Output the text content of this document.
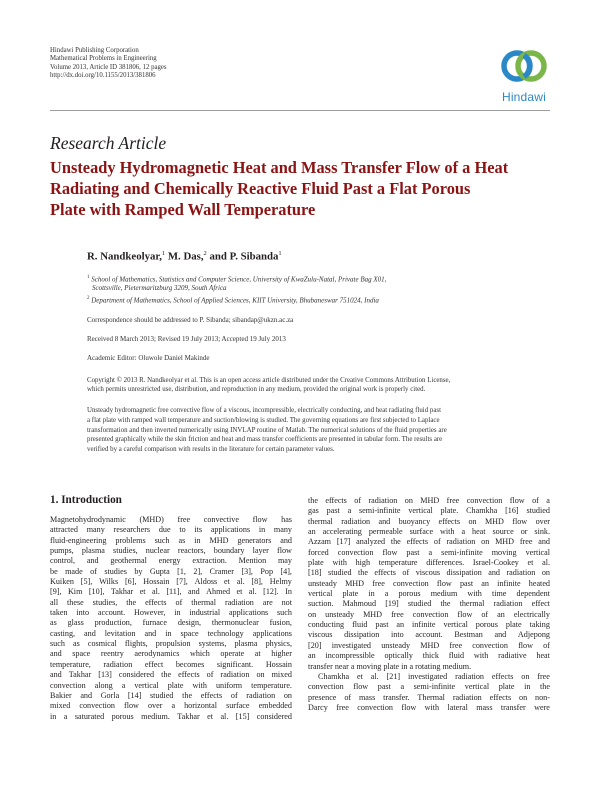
Hindawi Publishing Corporation
Mathematical Problems in Engineering
Volume 2013, Article ID 381806, 12 pages
http://dx.doi.org/10.1155/2013/381806
Hindawi
Research Article
Unsteady Hydromagnetic Heat and Mass Transfer Flow of a Heat
Radiating and Chemically Reactive Fluid Past a Flat Porous
Plate with Ramped Wall Temperature
R. Nandkeolyar,$^1$ M. Das,$^2$ and P. Sibanda$^1$
$^1$ School of Mathematics, Statistics and Computer Science, University of KwaZulu-Natal, Private Bag X01,
Scottsville, Pietermaritzburg 3209, South Africa
$^2$ Department of Mathematics, School of Applied Sciences, KIIT University, Bhubaneswar 751024, India
Correspondence should be addressed to P. Sibanda; sibandap@ukzn.ac.za
Received 8 March 2013; Revised 19 July 2013; Accepted 19 July 2013
Academic Editor: Oluwole Daniel Makinde
Copyright © 2013 R. Nandkeolyar et al. This is an open access article distributed under the Creative Commons Attribution License,
which permits unrestricted use, distribution, and reproduction in any medium, provided the original work is properly cited.
Unsteady hydromagnetic free convective flow of a viscous, incompressible, electrically conducting, and heat radiating fluid past
a flat plate with ramped wall temperature and suction/blowing is studied. The governing equations are first subjected to Laplace
transformation and then inverted numerically using INVLAP routine of Matlab. The numerical solutions of the fluid properties are
presented graphically while the skin friction and heat and mass transfer coefficients are presented in tabular form. The results are
verified by a careful comparison with results in the literature for certain parameter values.
1. Introduction
Magnetohydrodynamic (MHD) free convective flow has
attracted many researchers due to its applications in many
fluid-engineering problems such as in MHD generators and
pumps, plasma studies, nuclear reactors, boundary layer flow
control, and geothermal energy extraction. Mention may
be made of studies by Gupta [1, 2], Cramer [3], Pop [4],
Kuiken [5], Wilks [6], Hossain [7], Aldoss et al. [8], Helmy
[9], Kim [10], Takhar et al. [11], and Ahmed et al. [12]. In
all these studies, the effects of thermal radiation are not
taken into account. However, in industrial applications such
as glass production, furnace design, thermonuclear fusion,
casting, and levitation and in space technology applications
such as cosmical flights, propulsion systems, plasma physics,
and space reentry aerodynamics which operate at higher
temperature, radiation effect becomes significant. Hossain
and Takhar [13] considered the effects of radiation on mixed
convection along a vertical plate with uniform temperature.
Bakier and Gorla [14] studied the effects of radiation on
mixed convection flow over a horizontal surface embedded
in a saturated porous medium. Takhar et al. [15] considered
the effects of radiation on MHD free convection flow of a
gas past a semi-infinite vertical plate. Chamkha [16] studied
thermal radiation and buoyancy effects on MHD flow over
an accelerating permeable surface with a heat source or sink.
Azzam [17] analyzed the effects of radiation on MHD free and
forced convection flow past a semi-infinite moving vertical
plate with high temperature differences. Israel-Cookey et al.
[18] studied the effects of viscous dissipation and radiation on
unsteady MHD free convection flow past an infinite heated
vertical plate in a porous medium with time dependent
suction. Mahmoud [19] studied the thermal radiation effect
on unsteady MHD free convection flow of an electrically
conducting fluid past an infinite vertical porous plate taking
viscous dissipation into account. Bestman and Adjepong
[20] investigated unsteady MHD free convection flow of
an incompressible optically thick fluid with radiative heat
transfer near a moving plate in a rotating medium.
Chamkha et al. [21] investigated radiation effects on free
convection flow past a semi-infinite vertical plate in the
presence of mass transfer. Thermal radiation effects on non-
Darcy free convection flow with lateral mass transfer were
